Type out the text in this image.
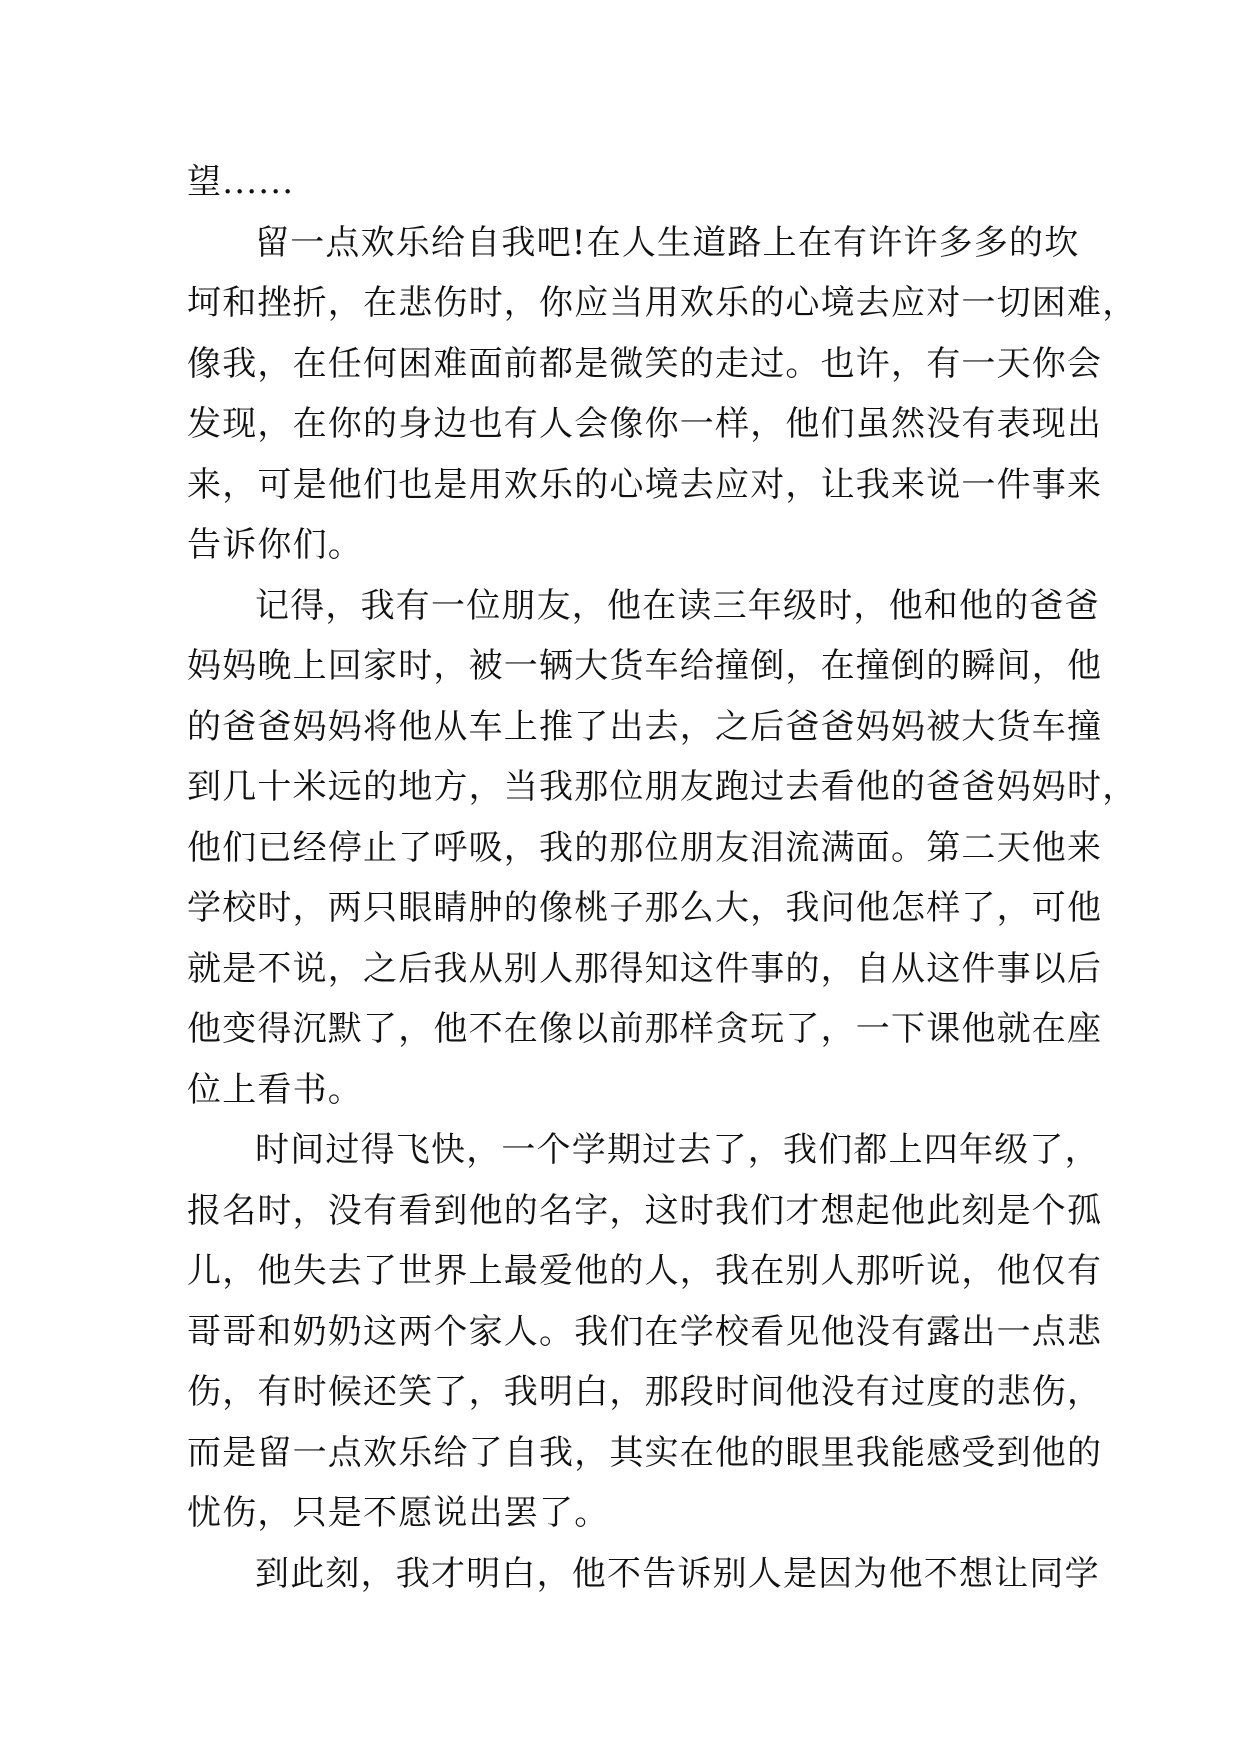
望......
留一点欢乐给自我吧!在人生道路上在有许许多多的坎
坷和挫折，在悲伤时，你应当用欢乐的心境去应对一切困难，
像我，在任何困难面前都是微笑的走过。也许，有一天你会
发现，在你的身边也有人会像你一样，他们虽然没有表现出
来，可是他们也是用欢乐的心境去应对，让我来说一件事来
告诉你们。
记得，我有一位朋友，他在读三年级时，他和他的爸爸
妈妈晚上回家时，被一辆大货车给撞倒，在撞倒的瞬间，他
的爸爸妈妈将他从车上推了出去，之后爸爸妈妈被大货车撞
到几十米远的地方，当我那位朋友跑过去看他的爸爸妈妈时，
他们已经停止了呼吸，我的那位朋友泪流满面。第二天他来
学校时，两只眼睛肿的像桃子那么大，我问他怎样了，可他
就是不说，之后我从别人那得知这件事的，自从这件事以后
他变得沉默了，他不在像以前那样贪玩了，一下课他就在座
位上看书。
时间过得飞快，一个学期过去了，我们都上四年级了，
报名时，没有看到他的名字，这时我们才想起他此刻是个孤
儿，他失去了世界上最爱他的人，我在别人那听说，他仅有
哥哥和奶奶这两个家人。我们在学校看见他没有露出一点悲
伤，有时候还笑了，我明白，那段时间他没有过度的悲伤，
而是留一点欢乐给了自我，其实在他的眼里我能感受到他的
忧伤，只是不愿说出罢了。
到此刻，我才明白，他不告诉别人是因为他不想让同学
